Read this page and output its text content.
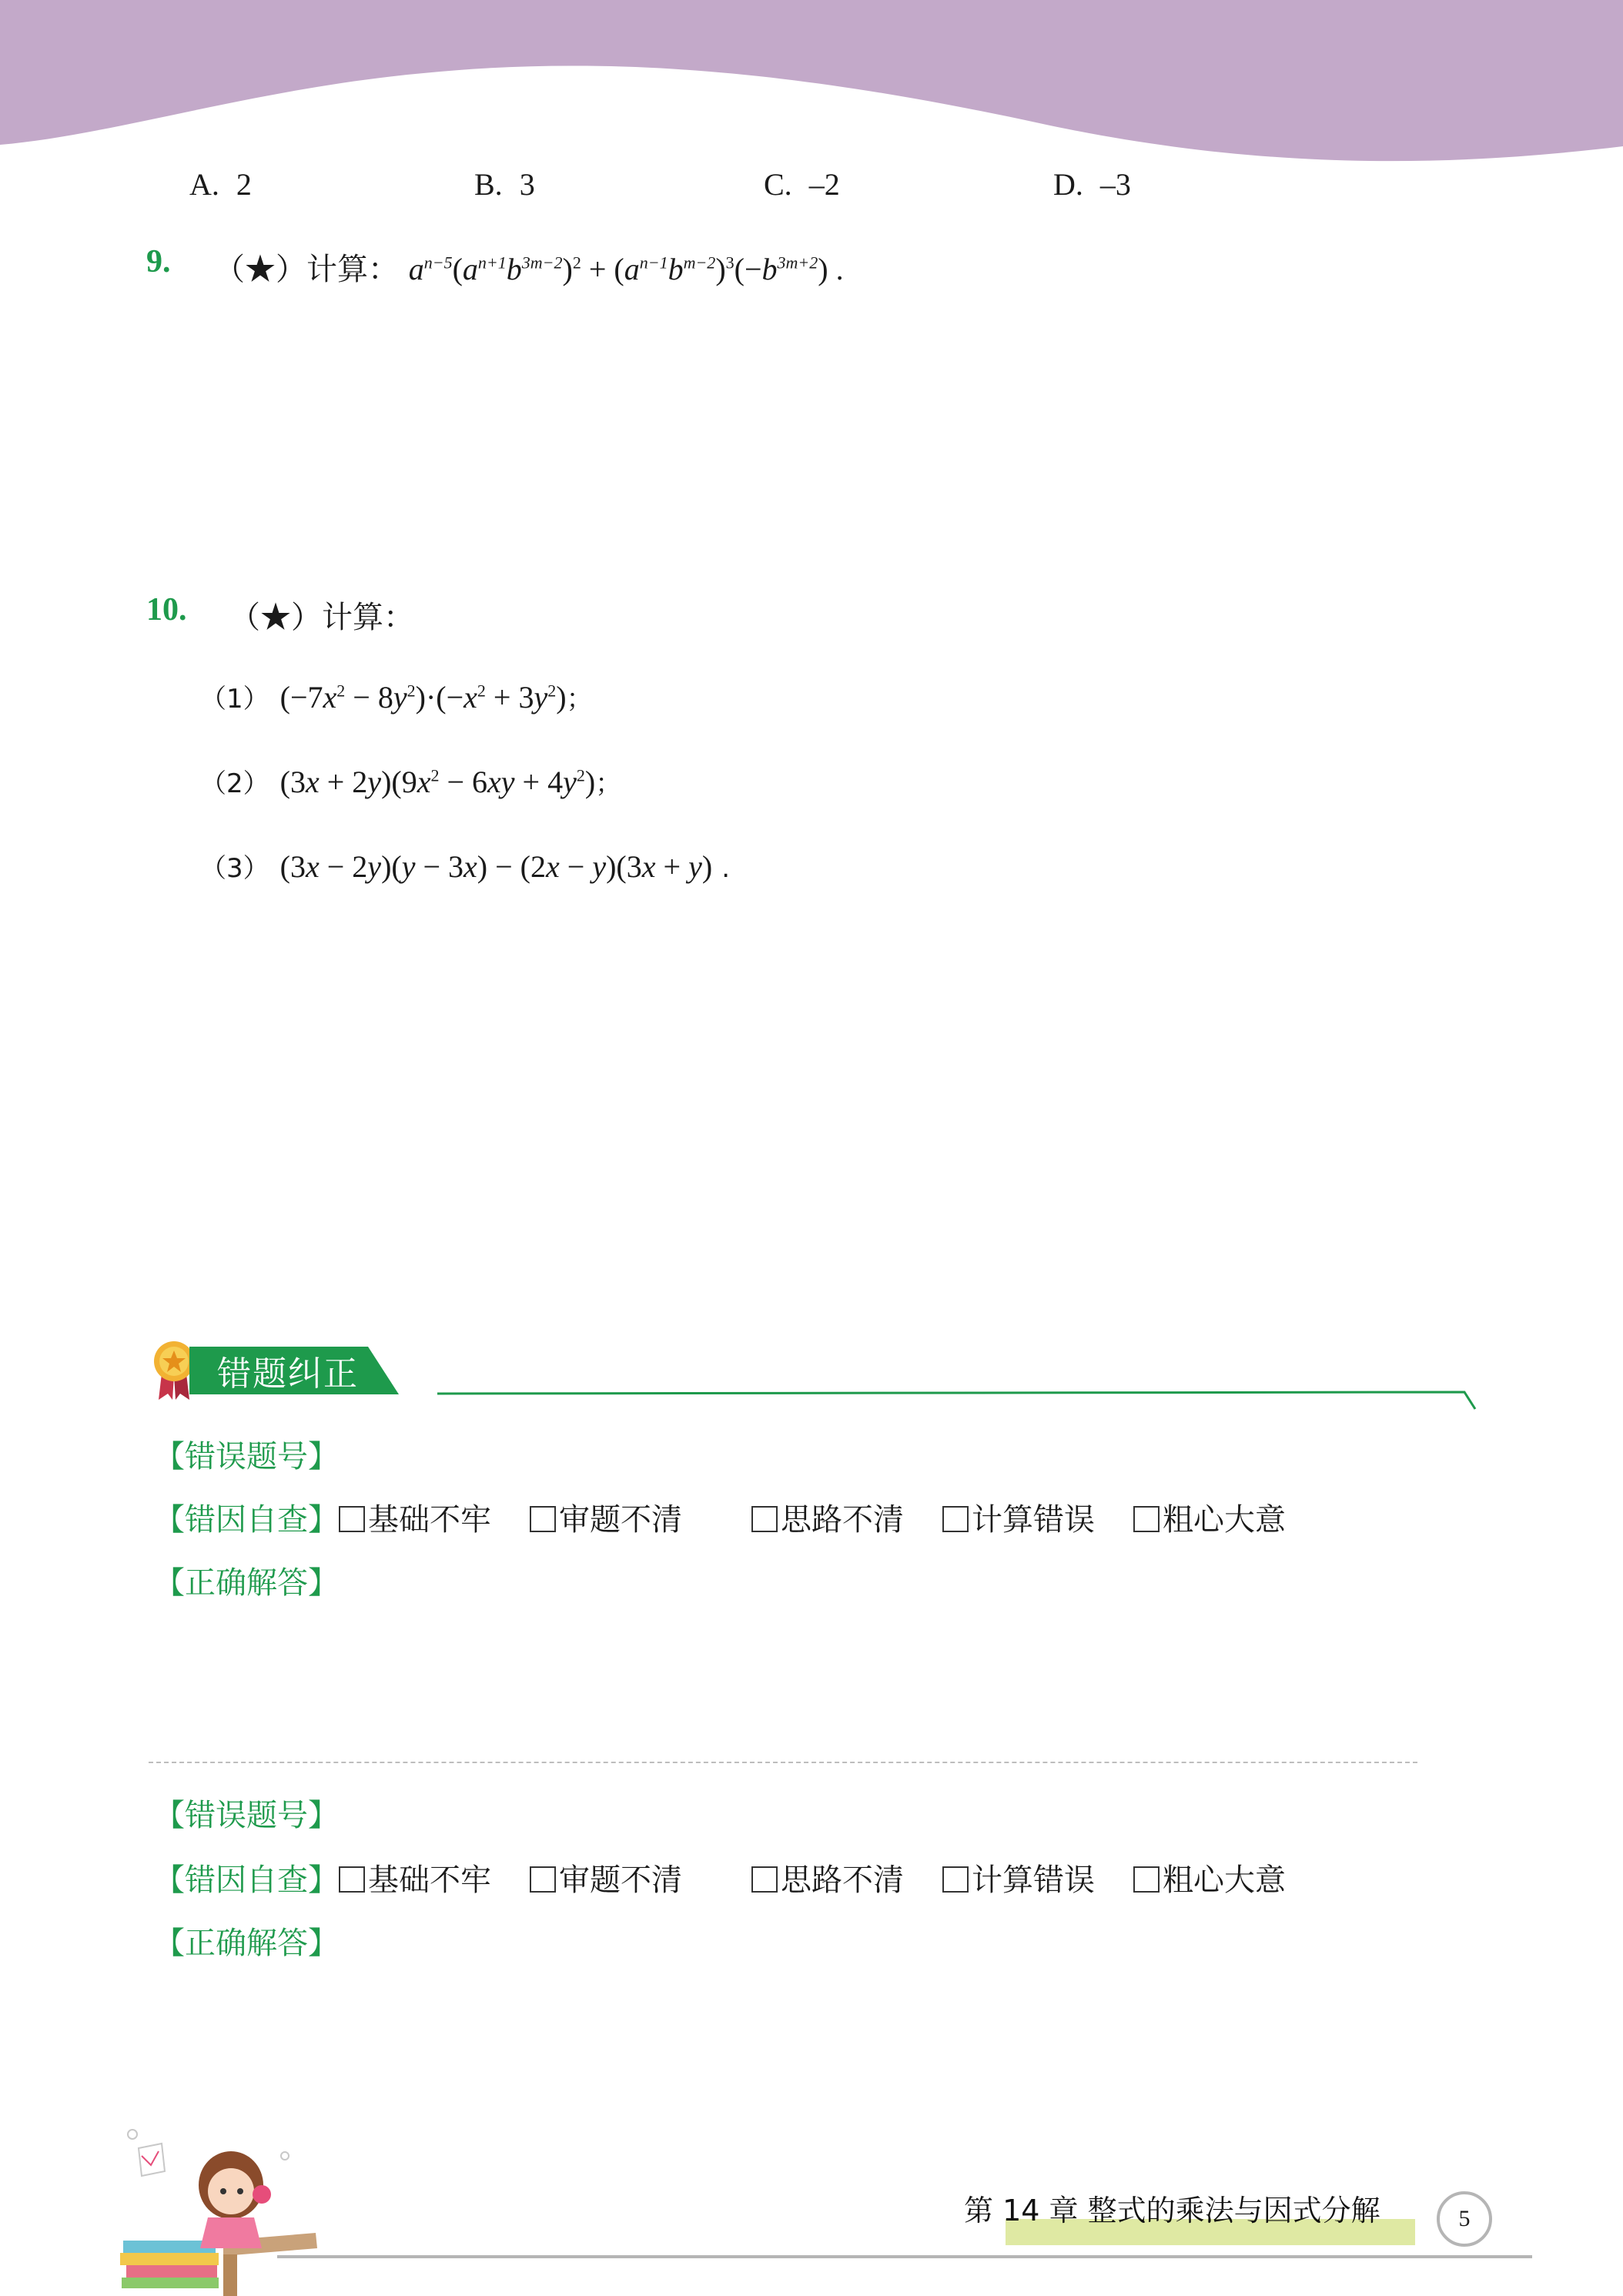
A. 2	B. 3	C. –2	D. –3
9. （★）计算： $a^{n-5}(a^{n+1}b^{3m-2})^2 + (a^{n-1}b^{m-2})^3(-b^{3m+2})$ .
10. （★）计算：
（1） $(-7x^2 - 8y^2)\cdot(-x^2 + 3y^2)$；
（2） $(3x + 2y)(9x^2 - 6xy + 4y^2)$；
（3） (3x − 2y)(y − 3x) − (2x − y)(3x + y) .
错题纠正
【错误题号】
【错因自查】 基础不牢 审题不清	思路不清 计算错误 粗心大意
【正确解答】
【错误题号】
【错因自查】 基础不牢 审题不清	思路不清 计算错误 粗心大意
【正确解答】
第 14 章 整式的乘法与因式分解	5
